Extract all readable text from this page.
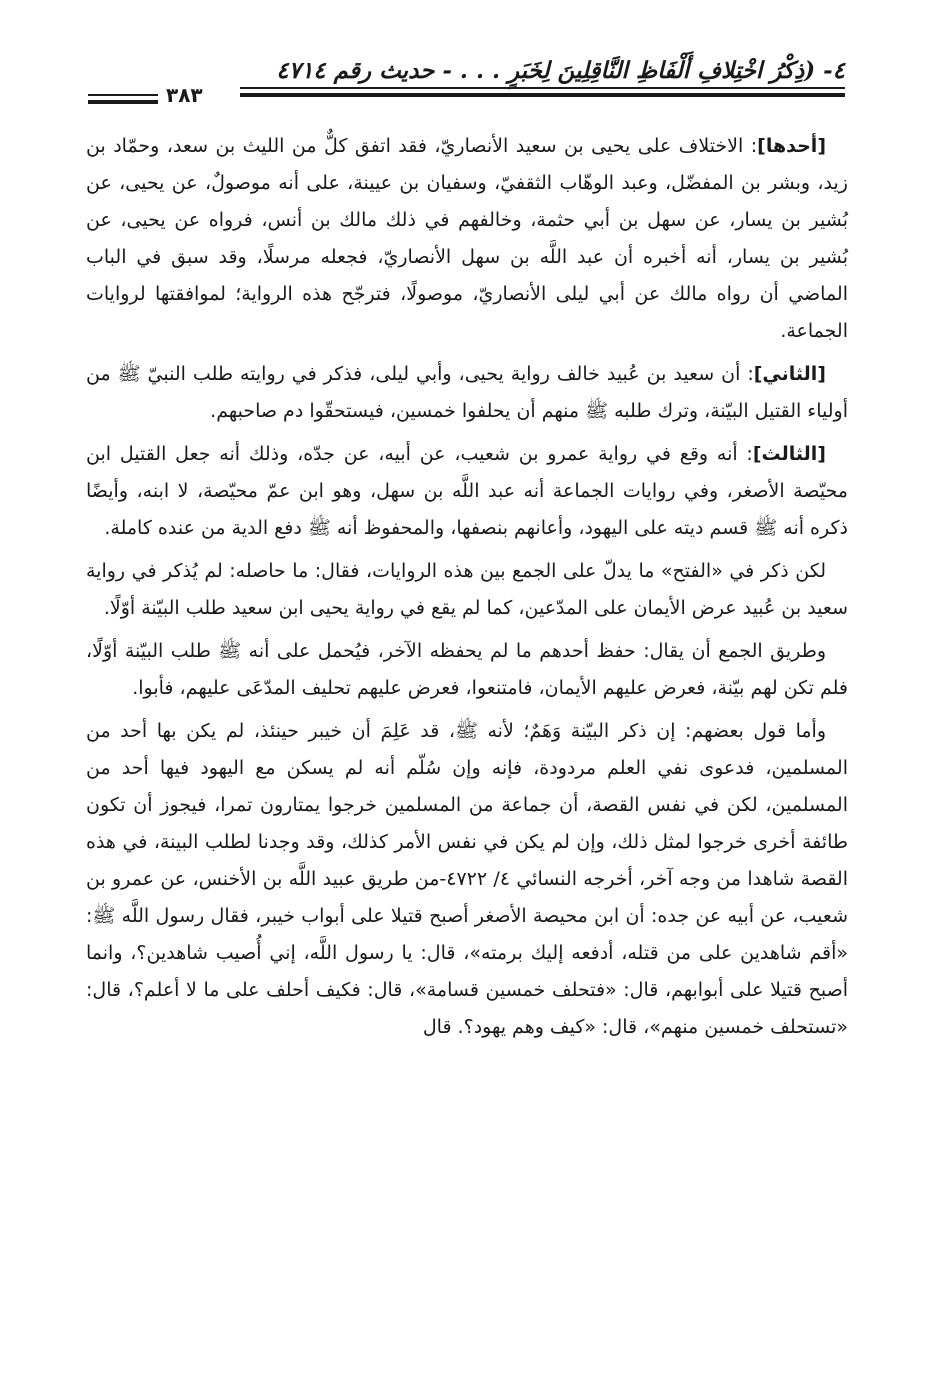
٤- (ذِكْرُ اخْتِلافِ أَلْفَاظِ النَّاقِلِينَ لِخَبَرٍ . . . - حديث رقم ٤٧١٤
٣٨٣

[أحدها]: الاختلاف على يحيى بن سعيد الأنصاريّ، فقد اتفق كلٌّ من الليث بن سعد، وحمّاد بن زيد، وبشر بن المفضّل، وعبد الوهّاب الثقفيّ، وسفيان بن عيينة، على أنه موصولٌ، عن يحيى، عن بُشير بن يسار، عن سهل بن أبي حثمة، وخالفهم في ذلك مالك بن أنس، فرواه عن يحيى، عن بُشير بن يسار، أنه أخبره أن عبد اللَّه بن سهل الأنصاريّ، فجعله مرسلًا، وقد سبق في الباب الماضي أن رواه مالك عن أبي ليلى الأنصاريّ، موصولًا، فترجّح هذه الرواية؛ لموافقتها لروايات الجماعة.

[الثاني]: أن سعيد بن عُبيد خالف رواية يحيى، وأبي ليلى، فذكر في روايته طلب النبيّ ﷺ من أولياء القتيل البيّنة، وترك طلبه ﷺ منهم أن يحلفوا خمسين، فيستحقّوا دم صاحبهم.

[الثالث]: أنه وقع في رواية عمرو بن شعيب، عن أبيه، عن جدّه، وذلك أنه جعل القتيل ابن محيّصة الأصغر، وفي روايات الجماعة أنه عبد اللَّه بن سهل، وهو ابن عمّ محيّصة، لا ابنه، وأيضًا ذكره أنه ﷺ قسم ديته على اليهود، وأعانهم بنصفها، والمحفوظ أنه ﷺ دفع الدية من عنده كاملة.

لكن ذكر في «الفتح» ما يدلّ على الجمع بين هذه الروايات، فقال: ما حاصله: لم يُذكر في رواية سعيد بن عُبيد عرض الأيمان على المدّعين، كما لم يقع في رواية يحيى ابن سعيد طلب البيّنة أوّلًا.

وطريق الجمع أن يقال: حفظ أحدهم ما لم يحفظه الآخر، فيُحمل على أنه ﷺ طلب البيّنة أوّلًا، فلم تكن لهم بيّنة، فعرض عليهم الأيمان، فامتنعوا، فعرض عليهم تحليف المدّعَى عليهم، فأبوا.

وأما قول بعضهم: إن ذكر البيّنة وَهَمٌ؛ لأنه ﷺ، قد عَلِمَ أن خيبر حينئذ، لم يكن بها أحد من المسلمين، فدعوى نفي العلم مردودة، فإنه وإن سُلّم أنه لم يسكن مع اليهود فيها أحد من المسلمين، لكن في نفس القصة، أن جماعة من المسلمين خرجوا يمتارون تمرا، فيجوز أن تكون طائفة أخرى خرجوا لمثل ذلك، وإن لم يكن في نفس الأمر كذلك، وقد وجدنا لطلب البينة، في هذه القصة شاهدا من وجه آخر، أخرجه النسائي ٤/ ٤٧٢٢-من طريق عبيد اللَّه بن الأخنس، عن عمرو بن شعيب، عن أبيه عن جده: أن ابن محيصة الأصغر أصبح قتيلا على أبواب خيبر، فقال رسول اللَّه ﷺ: «أقم شاهدين على من قتله، أدفعه إليك برمته»، قال: يا رسول اللَّه، إني أُصيب شاهدين؟، وانما أصبح قتيلا على أبوابهم، قال: «فتحلف خمسين قسامة»، قال: فكيف أحلف على ما لا أعلم؟، قال: «تستحلف خمسين منهم»، قال: «كيف وهم يهود؟. قال
